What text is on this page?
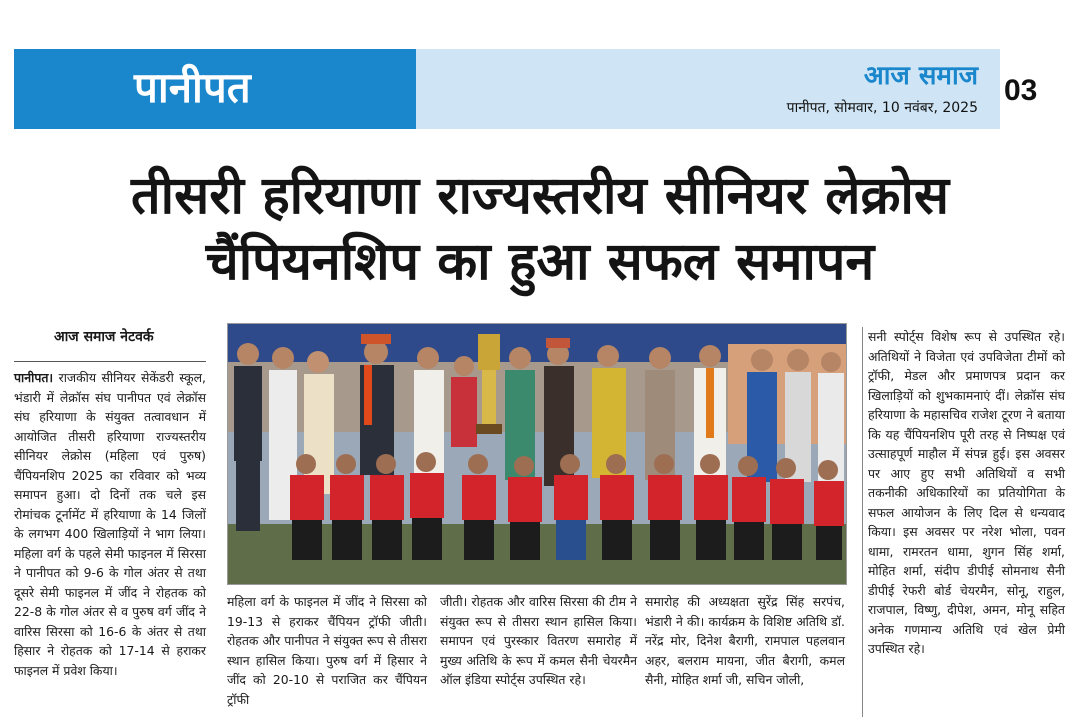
पानीपत	आज समाज
पानीपत, सोमवार, 10 नवंबर, 2025
03
तीसरी हरियाणा राज्यस्तरीय सीनियर लेक्रोस
चैंपियनशिप का हुआ सफल समापन
आज समाज नेटवर्क

पानीपत। राजकीय सीनियर सेकेंडरी स्कूल, भंडारी में लेक्रॉस संघ पानीपत एवं लेक्रॉस संघ हरियाणा के संयुक्त तत्वावधान में आयोजित तीसरी हरियाणा राज्यस्तरीय सीनियर लेक्रोस (महिला एवं पुरुष) चैंपियनशिप 2025 का रविवार को भव्य समापन हुआ। दो दिनों तक चले इस रोमांचक टूर्नामेंट में हरियाणा के 14 जिलों के लगभग 400 खिलाड़ियों ने भाग लिया। महिला वर्ग के पहले सेमी फाइनल में सिरसा ने पानीपत को 9-6 के गोल अंतर से तथा दूसरे सेमी फाइनल में जींद ने रोहतक को 22-8 के गोल अंतर से व पुरुष वर्ग जींद ने वारिस सिरसा को 16-6 के अंतर से तथा हिसार ने रोहतक को 17-14 से हराकर फाइनल में प्रवेश किया।

महिला वर्ग के फाइनल में जींद ने सिरसा को 19-13 से हराकर चैंपियन ट्रॉफी जीती। रोहतक और पानीपत ने संयुक्त रूप से तीसरा स्थान हासिल किया। पुरुष वर्ग में हिसार ने जींद को 20-10 से पराजित कर चैंपियन ट्रॉफी

जीती। रोहतक और वारिस सिरसा की टीम ने संयुक्त रूप से तीसरा स्थान हासिल किया। समापन एवं पुरस्कार वितरण समारोह में मुख्य अतिथि के रूप में कमल सैनी चेयरमैन ऑल इंडिया स्पोर्ट्स उपस्थित रहे।

समारोह की अध्यक्षता सुरेंद्र सिंह सरपंच, भंडारी ने की। कार्यक्रम के विशिष्ट अतिथि डॉ. नरेंद्र मोर, दिनेश बैरागी, रामपाल पहलवान अहर, बलराम मायना, जीत बैरागी, कमल सैनी, मोहित शर्मा जी, सचिन जोली,

सनी स्पोर्ट्स विशेष रूप से उपस्थित रहे। अतिथियों ने विजेता एवं उपविजेता टीमों को ट्रॉफी, मेडल और प्रमाणपत्र प्रदान कर खिलाड़ियों को शुभकामनाएं दीं। लेक्रॉस संघ हरियाणा के महासचिव राजेश टूरण ने बताया कि यह चैंपियनशिप पूरी तरह से निष्पक्ष एवं उत्साहपूर्ण माहौल में संपन्न हुई। इस अवसर पर आए हुए सभी अतिथियों व सभी तकनीकी अधिकारियों का प्रतियोगिता के सफल आयोजन के लिए दिल से धन्यवाद किया। इस अवसर पर नरेश भोला, पवन धामा, रामरतन धामा, शुगन सिंह शर्मा, मोहित शर्मा, संदीप डीपीई सोमनाथ सैनी डीपीई रेफरी बोर्ड चेयरमैन, सोनू, राहुल, राजपाल, विष्णु, दीपेश, अमन, मोनू सहित अनेक गणमान्य अतिथि एवं खेल प्रेमी उपस्थित रहे।
